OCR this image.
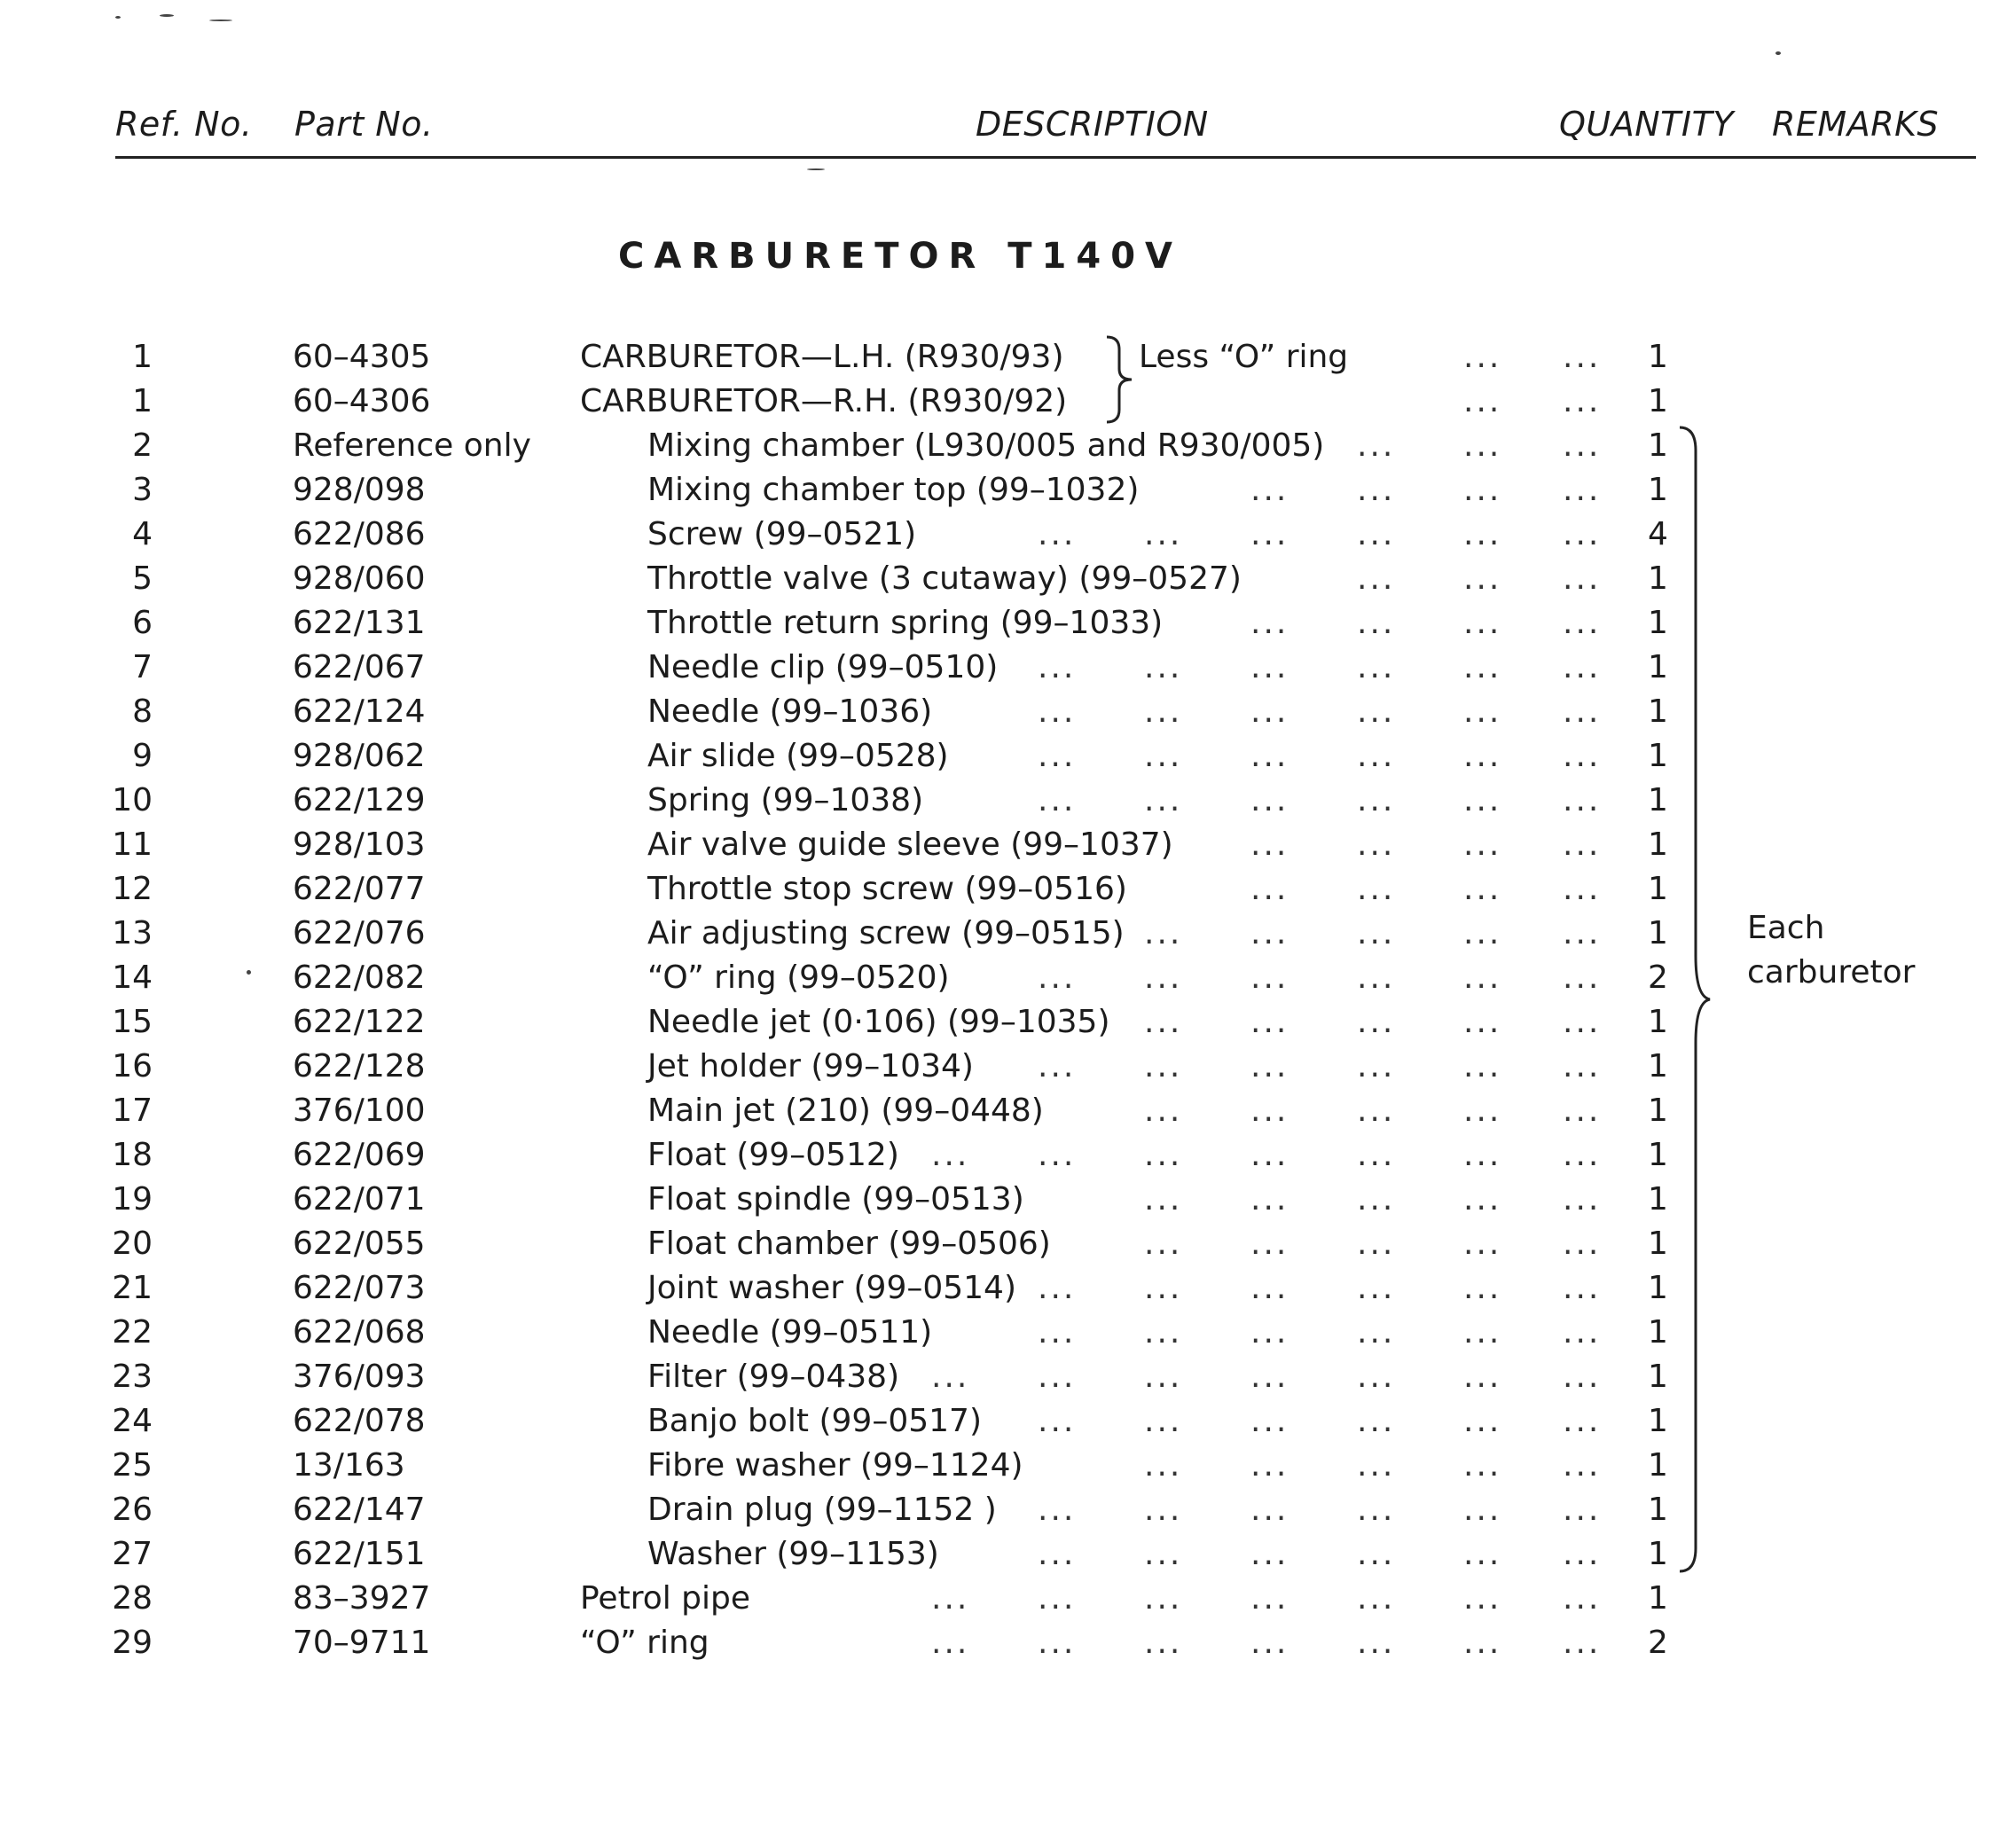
Ref. No. Part No.	DESCRIPTION	QUANTITY REMARKS
CARBURETOR T140V
1	60–4305	CARBURETOR—L.H. (R930/93)	1
... ...
1	60–4306	CARBURETOR—R.H. (R930/92)	1
... ...
2	Reference only	Mixing chamber (L930/005 and R930/005)	1
... ... ...
3	928/098	Mixing chamber top (99–1032)	1
... ... ... ...
4	622/086	Screw (99–0521)	4
... ... ... ... ... ...
5	928/060	Throttle valve (3 cutaway) (99–0527)	1
... ... ...
6	622/131	Throttle return spring (99–1033)	1
... ... ... ...
7	622/067	Needle clip (99–0510)	1
... ... ... ... ... ...
8	622/124	Needle (99–1036)	1
... ... ... ... ... ...
9	928/062	Air slide (99–0528)	1
... ... ... ... ... ...
10	622/129	Spring (99–1038)	1
... ... ... ... ... ...
11	928/103	Air valve guide sleeve (99–1037)	1
... ... ... ...
12	622/077	Throttle stop screw (99–0516)	1
... ... ... ...
13	622/076	Air adjusting screw (99–0515)	1
... ... ... ... ...
14	622/082	“O” ring (99–0520)	2
... ... ... ... ... ...
15	622/122	Needle jet (0·106) (99–1035)	1
... ... ... ... ...
16	622/128	Jet holder (99–1034)	1
... ... ... ... ... ...
17	376/100	Main jet (210) (99–0448)	1
... ... ... ... ...
18	622/069	Float (99–0512)	1
... ... ... ... ... ... ...
19	622/071	Float spindle (99–0513)	1
... ... ... ... ...
20	622/055	Float chamber (99–0506)	1
... ... ... ... ...
21	622/073	Joint washer (99–0514)	1
... ... ... ... ... ...
22	622/068	Needle (99–0511)	1
... ... ... ... ... ...
23	376/093	Filter (99–0438)	1
... ... ... ... ... ... ...
24	622/078	Banjo bolt (99–0517)	1
... ... ... ... ... ...
25	13/163	Fibre washer (99–1124)	1
... ... ... ... ...
26	622/147	Drain plug (99–1152 )	1
... ... ... ... ... ...
27	622/151	Washer (99–1153)	1
... ... ... ... ... ...
28	83–3927	Petrol pipe	1
... ... ... ... ... ... ...
29	70–9711	“O” ring	2
... ... ... ... ... ... ...
Less “O” ring
Each
carburetor
